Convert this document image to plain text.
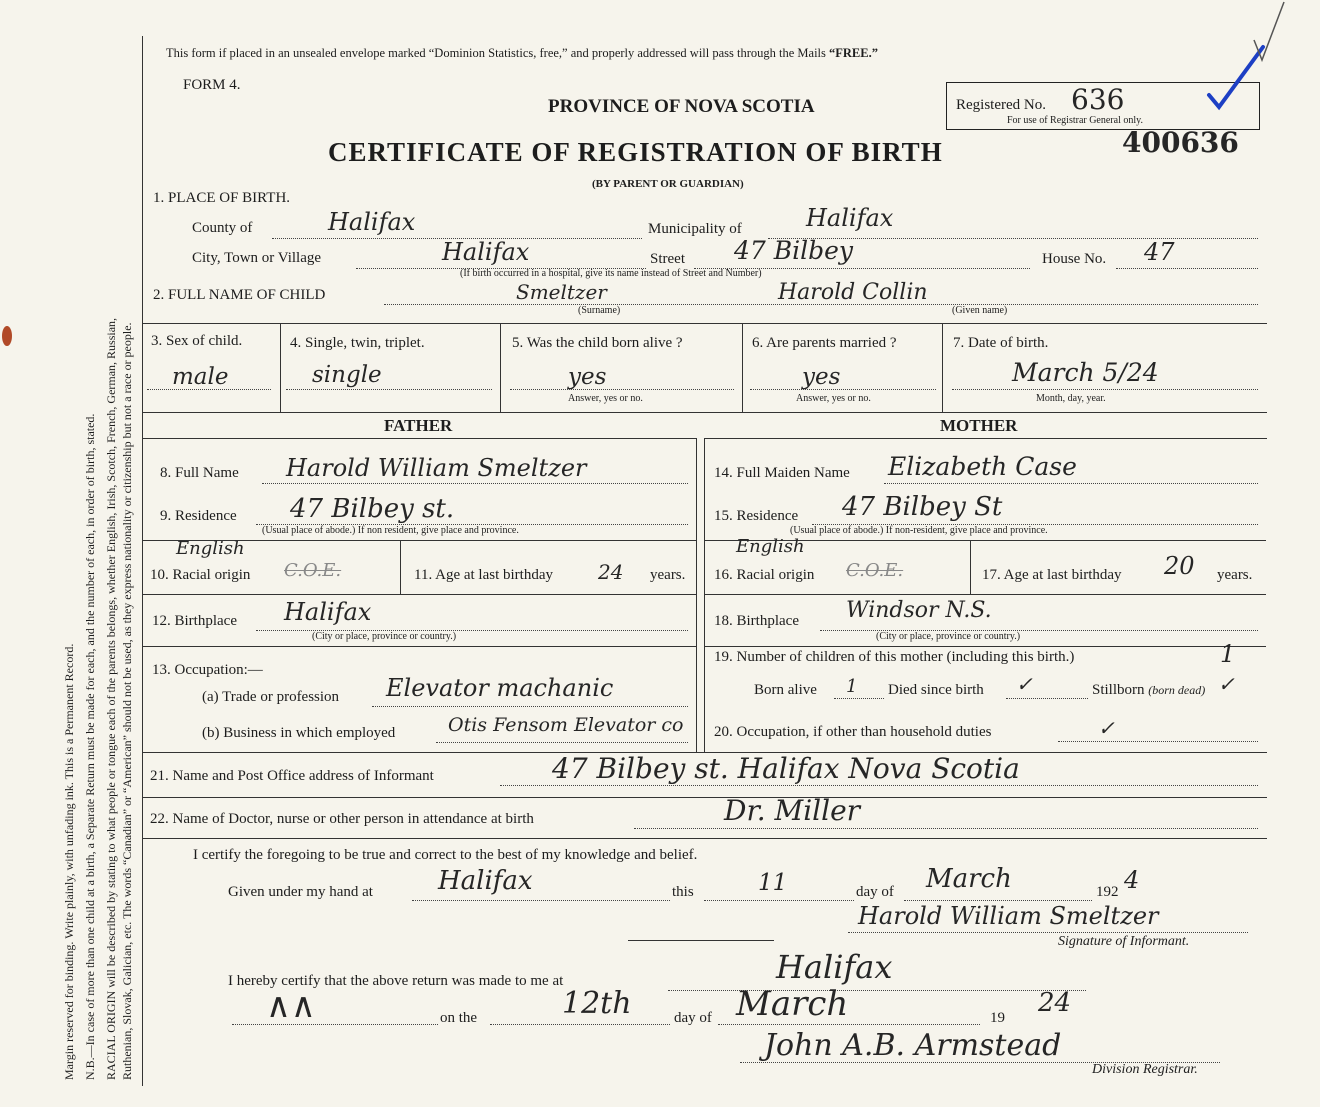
Margin reserved for binding. Write plainly, with unfading ink. This is a Permanent Record. N.B.—In case of more than one child at a birth, a Separate Return must be made for each, and the number of each, in order of birth, stated. RACIAL ORIGIN will be described by stating to what people or tongue each of the parents belongs, whether English, Irish, Scotch, French, German, Russian, Ruthenian, Slovak, Galician, etc. The words “Canadian” or “American” should not be used, as they express nationality or citizenship but not a race or people.
This form if placed in an unsealed envelope marked “Dominion Statistics, free,” and properly addressed will pass through the Mails “FREE.”
FORM 4.
PROVINCE OF NOVA SCOTIA
CERTIFICATE OF REGISTRATION OF BIRTH
(BY PARENT OR GUARDIAN)
Registered No. 636
For use of Registrar General only.
400636
1. PLACE OF BIRTH.
County of	Halifax	Municipality of	Halifax
City, Town or Village	Halifax	Street 47 Bilbey	House No. 47
(If birth occurred in a hospital, give its name instead of Street and Number)
2. FULL NAME OF CHILD	Smeltzer	Harold Collin
(Surname)	(Given name)
3. Sex of child.
male
4. Single, twin, triplet.
single
5. Was the child born alive ?
yes
Answer, yes or no.
6. Are parents married ?
yes
Answer, yes or no.
7. Date of birth.
March 5/24
Month, day, year.
FATHER	MOTHER
8. Full Name Harold William Smeltzer
9. Residence 47 Bilbey st.
(Usual place of abode.) If non resident, give place and province.
English
10. Racial origin C.O.E.	11. Age at last birthday 24 years.
12. Birthplace Halifax
(City or place, province or country.)
13. Occupation:—
(a) Trade or profession Elevator machanic
(b) Business in which employed	Otis Fensom Elevator co
14. Full Maiden Name Elizabeth Case
15. Residence 47 Bilbey St
(Usual place of abode.) If non-resident, give place and province.
English
16. Racial origin C.O.E.	17. Age at last birthday 20 years.
18. Birthplace Windsor N.S.
(City or place, province or country.)
19. Number of children of this mother (including this birth.)	1
Born alive 1 Died since birth ✓	Stillborn (born dead) ✓
20. Occupation, if other than household duties	✓
21. Name and Post Office address of Informant	47 Bilbey st. Halifax Nova Scotia
22. Name of Doctor, nurse or other person in attendance at birth	Dr. Miller
I certify the foregoing to be true and correct to the best of my knowledge and belief.
Given under my hand at	Halifax	this	11	day of March	192 4
Harold William Smeltzer
Signature of Informant.
I hereby certify that the above return was made to me at	Halifax
∧∧	on the	12th	day of March	19 24
John A.B. Armstead
Division Registrar.
